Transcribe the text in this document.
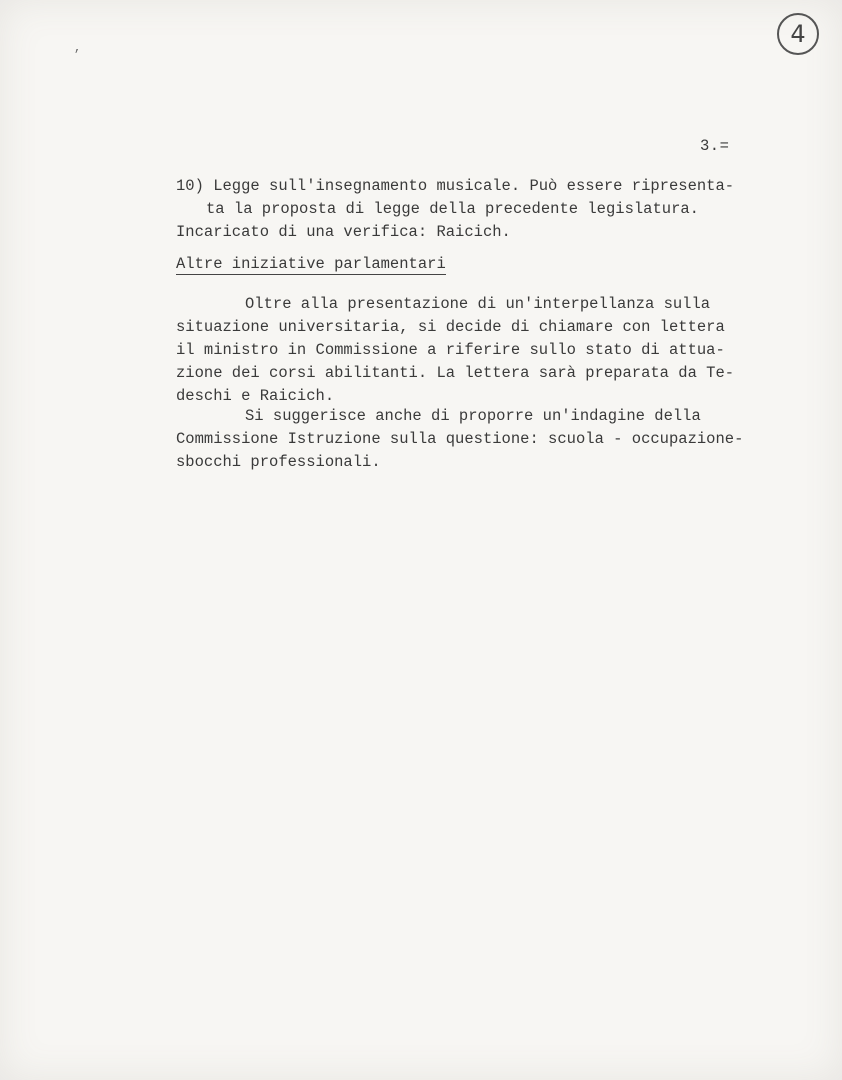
,	4
3.=
10) Legge sull'insegnamento musicale. Può essere ripresenta-
ta la proposta di legge della precedente legislatura.
Incaricato di una verifica: Raicich.
Altre iniziative parlamentari
Oltre alla presentazione di un'interpellanza sulla
situazione universitaria, si decide di chiamare con lettera
il ministro in Commissione a riferire sullo stato di attua-
zione dei corsi abilitanti. La lettera sarà preparata da Te-
deschi e Raicich.
Si suggerisce anche di proporre un'indagine della
Commissione Istruzione sulla questione: scuola - occupazione-
sbocchi professionali.
